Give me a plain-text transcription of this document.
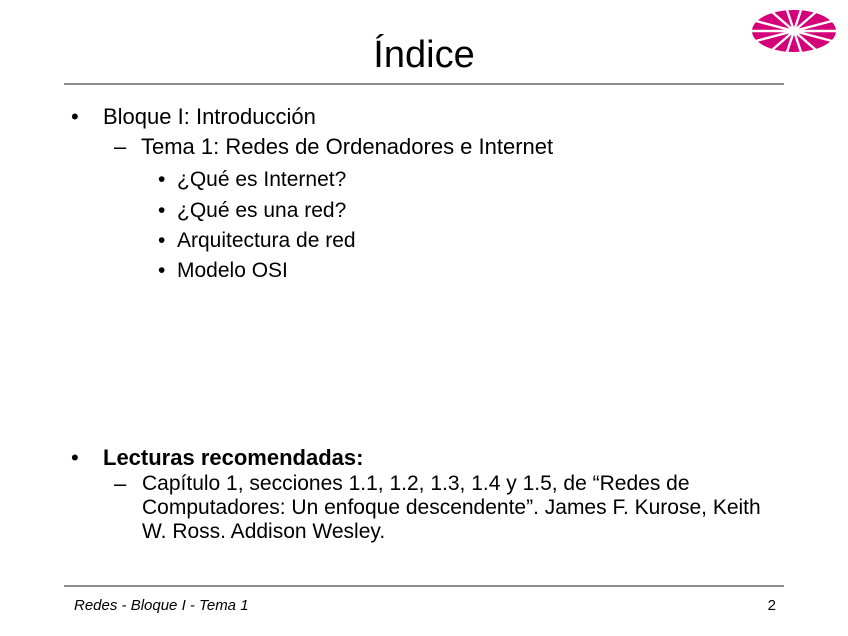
Índice
• Bloque I: Introducción
– Tema 1: Redes de Ordenadores e Internet
• ¿Qué es Internet?
• ¿Qué es una red?
• Arquitectura de red
• Modelo OSI
• Lecturas recomendadas:
– Capítulo 1, secciones 1.1, 1.2, 1.3, 1.4 y 1.5, de “Redes de Computadores: Un enfoque descendente”. James F. Kurose, Keith W. Ross. Addison Wesley.
Redes - Bloque I - Tema 1	2
